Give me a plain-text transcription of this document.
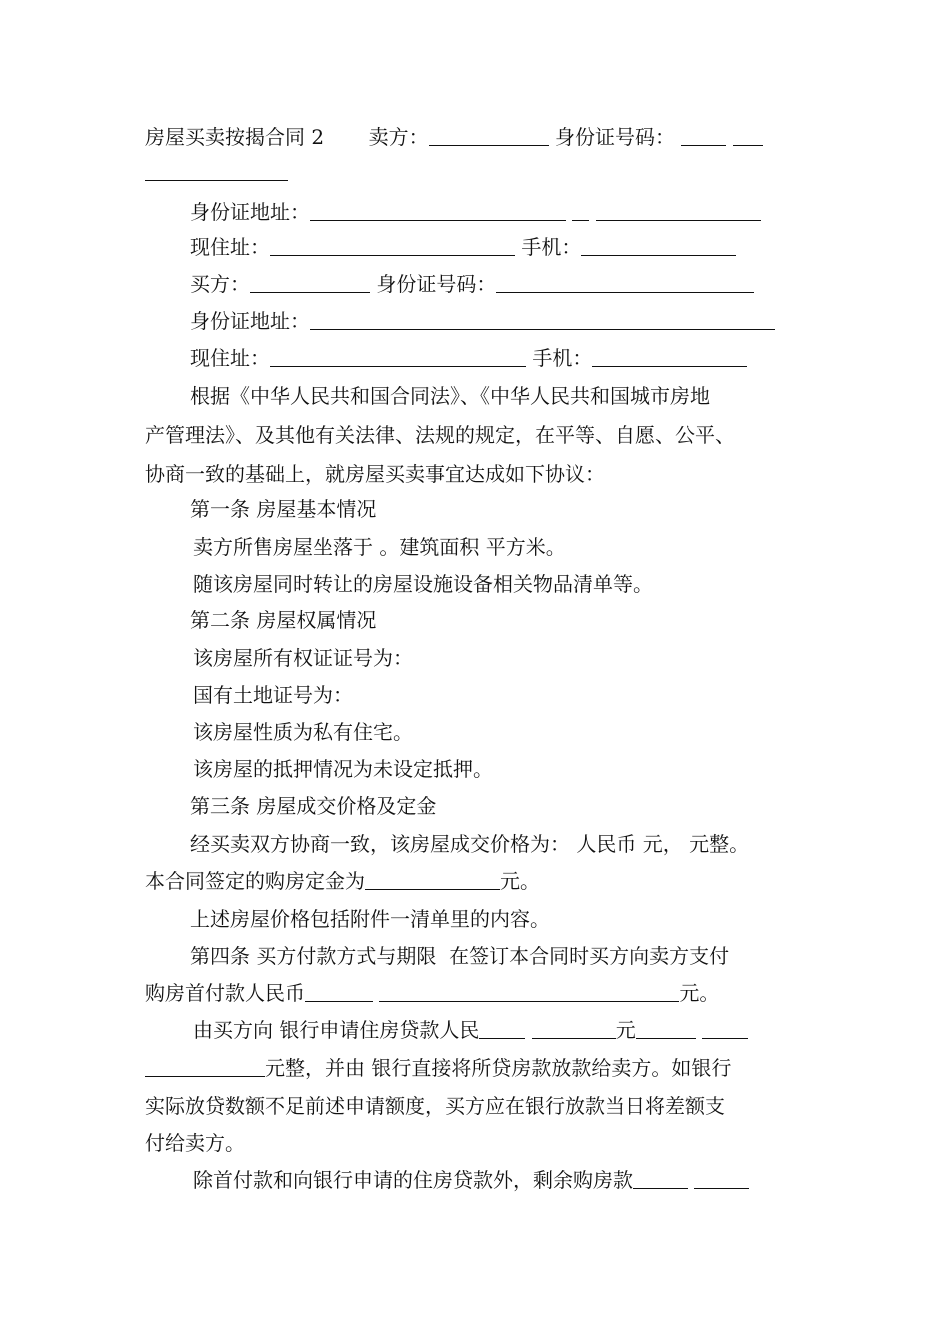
房屋买卖按揭合同 2 卖方：	身份证号码：
身份证地址：
现住址：	手机：
买方：	身份证号码：
身份证地址：
现住址：	手机：
根据《中华人民共和国合同法》、《中华人民共和国城市房地
产管理法》、及其他有关法律、法规的规定，在平等、自愿、公平、
协商一致的基础上，就房屋买卖事宜达成如下协议：
第一条 房屋基本情况
卖方所售房屋坐落于 。建筑面积 平方米。
随该房屋同时转让的房屋设施设备相关物品清单等。
第二条 房屋权属情况
该房屋所有权证证号为：
国有土地证号为：
该房屋性质为私有住宅。
该房屋的抵押情况为未设定抵押。
第三条 房屋成交价格及定金
经买卖双方协商一致，该房屋成交价格为： 人民币 元， 元整。
本合同签定的购房定金为	元。
上述房屋价格包括附件一清单里的内容。
第四条 买方付款方式与期限  在签订本合同时买方向卖方支付
购房首付款人民币	元。
由买方向 银行申请住房贷款人民	元
元整，并由 银行直接将所贷房款放款给卖方。如银行
实际放贷数额不足前述申请额度，买方应在银行放款当日将差额支
付给卖方。
除首付款和向银行申请的住房贷款外，剩余购房款
